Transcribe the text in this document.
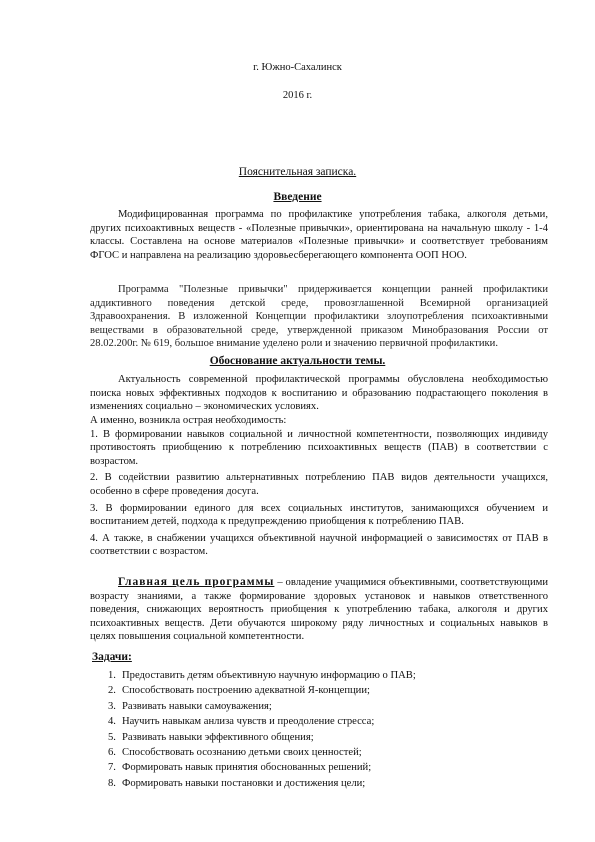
г. Южно-Сахалинск
2016 г.
Пояснительная записка.
Введение

Модифицированная программа по профилактике употребления табака, алкоголя детьми, других психоактивных веществ - «Полезные привычки», ориентирована на начальную школу - 1-4 классы. Составлена на основе материалов «Полезные привычки» и соответствует требованиям ФГОС и направлена на реализацию здоровьесберегающего компонента ООП НОО.

Программа "Полезные привычки" придерживается концепции ранней профилактики аддиктивного поведения детской среде, провозглашенной Всемирной организацией Здравоохранения. В изложенной Концепции профилактики злоупотребления психоактивными веществами в образовательной среде, утвержденной приказом Минобразования России от 28.02.200г. № 619, большое внимание уделено роли и значению первичной профилактики.

Обоснование актуальности темы.

Актуальность современной профилактической программы обусловлена необходимостью поиска новых эффективных подходов к воспитанию и образованию подрастающего поколения в изменениях социально – экономических условиях.

А именно, возникла острая необходимость:
1. В формировании навыков социальной и личностной компетентности, позволяющих индивиду противостоять приобщению к потреблению психоактивных веществ (ПАВ) в соответствии с возрастом.
2. В содействии развитию альтернативных потреблению ПАВ видов деятельности учащихся, особенно в сфере проведения досуга.
3. В формировании единого для всех социальных институтов, занимающихся обучением и воспитанием детей, подхода к предупреждению приобщения к потреблению ПАВ.
4. А также, в снабжении учащихся объективной научной информацией о зависимостях от ПАВ в соответствии с возрастом.

Главная цель программы – овладение учащимися объективными, соответствующими возрасту знаниями, а также формирование здоровых установок и навыков ответственного поведения, снижающих вероятность приобщения к употреблению табака, алкоголя и других психоактивных веществ. Дети обучаются широкому ряду личностных и социальных навыков в целях повышения социальной компетентности.

Задачи:
1. Предоставить детям объективную научную информацию о ПАВ;
2. Способствовать построению адекватной Я-концепции;
3. Развивать навыки самоуважения;
4. Научить навыкам анлиза чувств и преодоление стресса;
5. Развивать навыки эффективного общения;
6. Способствовать осознанию детьми своих ценностей;
7. Формировать навык принятия обоснованных решений;
8. Формировать навыки постановки и достижения цели;
